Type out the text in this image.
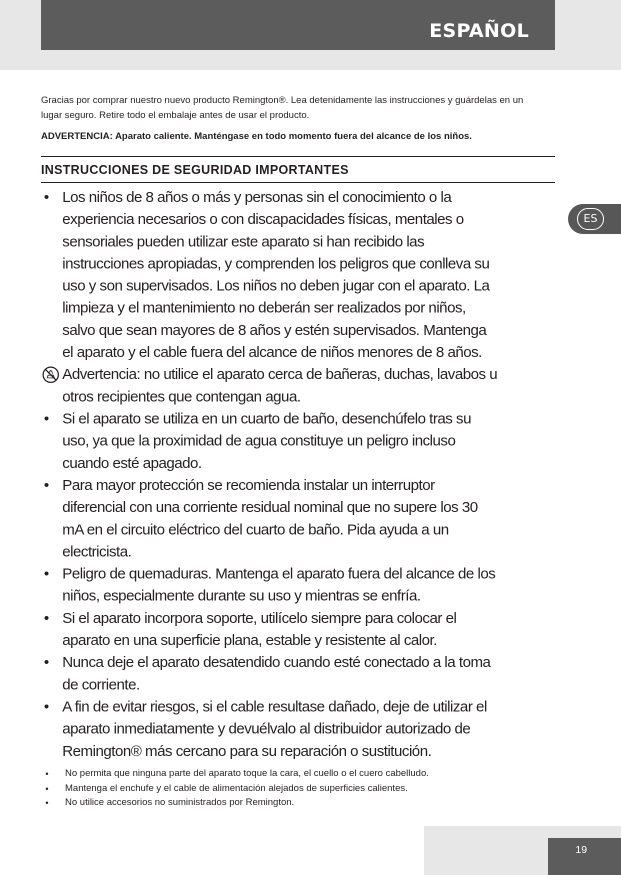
ESPAÑOL
ES

Gracias por comprar nuestro nuevo producto Remington®. Lea detenidamente las instrucciones y guárdelas en un lugar seguro. Retire todo el embalaje antes de usar el producto.

ADVERTENCIA: Aparato caliente. Manténgase en todo momento fuera del alcance de los niños.

INSTRUCCIONES DE SEGURIDAD IMPORTANTES
• Los niños de 8 años o más y personas sin el conocimiento o la experiencia necesarios o con discapacidades físicas, mentales o sensoriales pueden utilizar este aparato si han recibido las instrucciones apropiadas, y comprenden los peligros que conlleva su uso y son supervisados. Los niños no deben jugar con el aparato. La limpieza y el mantenimiento no deberán ser realizados por niños, salvo que sean mayores de 8 años y estén supervisados. Mantenga el aparato y el cable fuera del alcance de niños menores de 8 años.
Advertencia: no utilice el aparato cerca de bañeras, duchas, lavabos u otros recipientes que contengan agua.
• Si el aparato se utiliza en un cuarto de baño, desenchúfelo tras su uso, ya que la proximidad de agua constituye un peligro incluso cuando esté apagado.
• Para mayor protección se recomienda instalar un interruptor diferencial con una corriente residual nominal que no supere los 30 mA en el circuito eléctrico del cuarto de baño. Pida ayuda a un electricista.
• Peligro de quemaduras. Mantenga el aparato fuera del alcance de los niños, especialmente durante su uso y mientras se enfría.
• Si el aparato incorpora soporte, utilícelo siempre para colocar el aparato en una superficie plana, estable y resistente al calor.
• Nunca deje el aparato desatendido cuando esté conectado a la toma de corriente.
• A fin de evitar riesgos, si el cable resultase dañado, deje de utilizar el aparato inmediatamente y devuélvalo al distribuidor autorizado de Remington® más cercano para su reparación o sustitución.
•	No permita que ninguna parte del aparato toque la cara, el cuello o el cuero cabelludo.
•	Mantenga el enchufe y el cable de alimentación alejados de superficies calientes.
•	No utilice accesorios no suministrados por Remington.
19
